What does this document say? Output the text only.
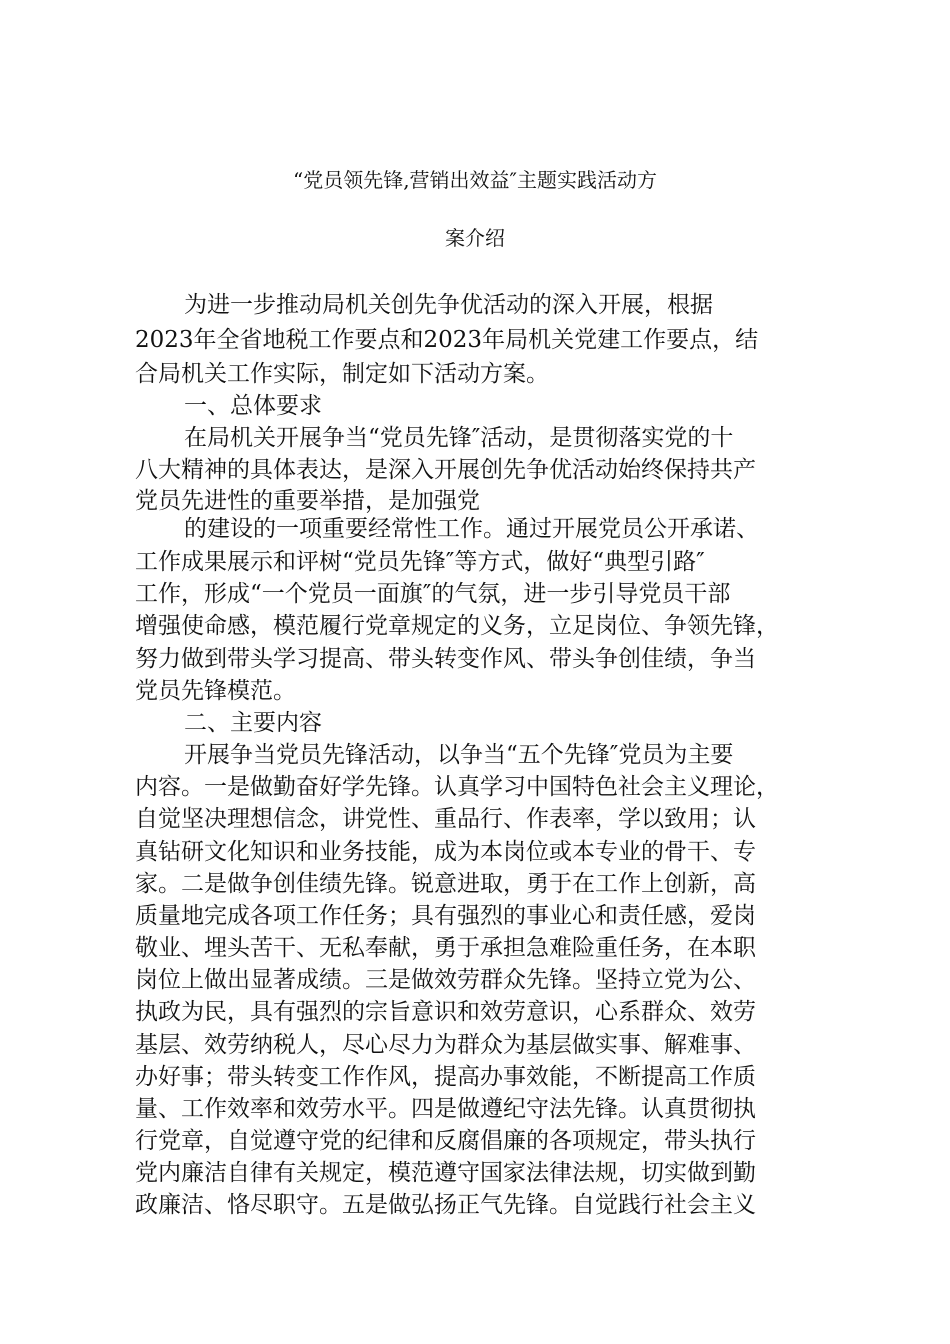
“党员领先锋,营销出效益″主题实践活动方
案介绍
为进一步推动局机关创先争优活动的深入开展，根据
2023年全省地税工作要点和2023年局机关党建工作要点，结
合局机关工作实际，制定如下活动方案。
一、总体要求
在局机关开展争当“党员先锋″活动，是贯彻落实党的十
八大精神的具体表达，是深入开展创先争优活动始终保持共产
党员先进性的重要举措，是加强党
的建设的一项重要经常性工作。通过开展党员公开承诺、
工作成果展示和评树“党员先锋″等方式，做好“典型引路″
工作，形成“一个党员一面旗″的气氛，进一步引导党员干部
增强使命感，模范履行党章规定的义务，立足岗位、争领先锋，
努力做到带头学习提高、带头转变作风、带头争创佳绩，争当
党员先锋模范。
二、主要内容
开展争当党员先锋活动，以争当“五个先锋″党员为主要
内容。一是做勤奋好学先锋。认真学习中国特色社会主义理论，
自觉坚决理想信念，讲党性、重品行、作表率，学以致用；认
真钻研文化知识和业务技能，成为本岗位或本专业的骨干、专
家。二是做争创佳绩先锋。锐意进取，勇于在工作上创新，高
质量地完成各项工作任务；具有强烈的事业心和责任感，爱岗
敬业、埋头苦干、无私奉献，勇于承担急难险重任务，在本职
岗位上做出显著成绩。三是做效劳群众先锋。坚持立党为公、
执政为民，具有强烈的宗旨意识和效劳意识，心系群众、效劳
基层、效劳纳税人，尽心尽力为群众为基层做实事、解难事、
办好事；带头转变工作作风，提高办事效能，不断提高工作质
量、工作效率和效劳水平。四是做遵纪守法先锋。认真贯彻执
行党章，自觉遵守党的纪律和反腐倡廉的各项规定，带头执行
党内廉洁自律有关规定，模范遵守国家法律法规，切实做到勤
政廉洁、恪尽职守。五是做弘扬正气先锋。自觉践行社会主义
